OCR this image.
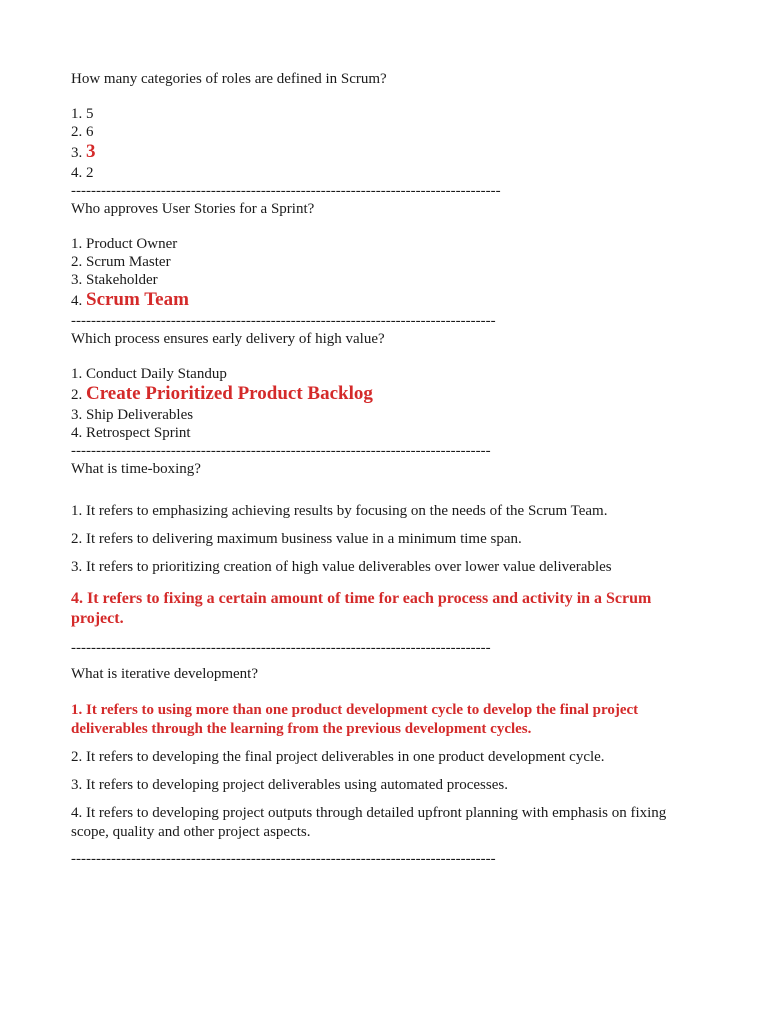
How many categories of roles are defined in Scrum?

1. 5

2. 6

3. 3

4. 2

--------------------------------------------------------------------------------------

Who approves User Stories for a Sprint?

1. Product Owner

2. Scrum Master

3. Stakeholder

4. Scrum Team

-------------------------------------------------------------------------------------

Which process ensures early delivery of high value?

1. Conduct Daily Standup

2. Create Prioritized Product Backlog

3. Ship Deliverables

4. Retrospect Sprint

------------------------------------------------------------------------------------

What is time-boxing?

1. It refers to emphasizing achieving results by focusing on the needs of the Scrum Team.

2. It refers to delivering maximum business value in a minimum time span.

3. It refers to prioritizing creation of high value deliverables over lower value deliverables

4. It refers to fixing a certain amount of time for each process and activity in a Scrum project.

------------------------------------------------------------------------------------

What is iterative development?

1. It refers to using more than one product development cycle to develop the final project deliverables through the learning from the previous development cycles.

2. It refers to developing the final project deliverables in one product development cycle.

3. It refers to developing project deliverables using automated processes.

4. It refers to developing project outputs through detailed upfront planning with emphasis on fixing scope, quality and other project aspects.

-------------------------------------------------------------------------------------
